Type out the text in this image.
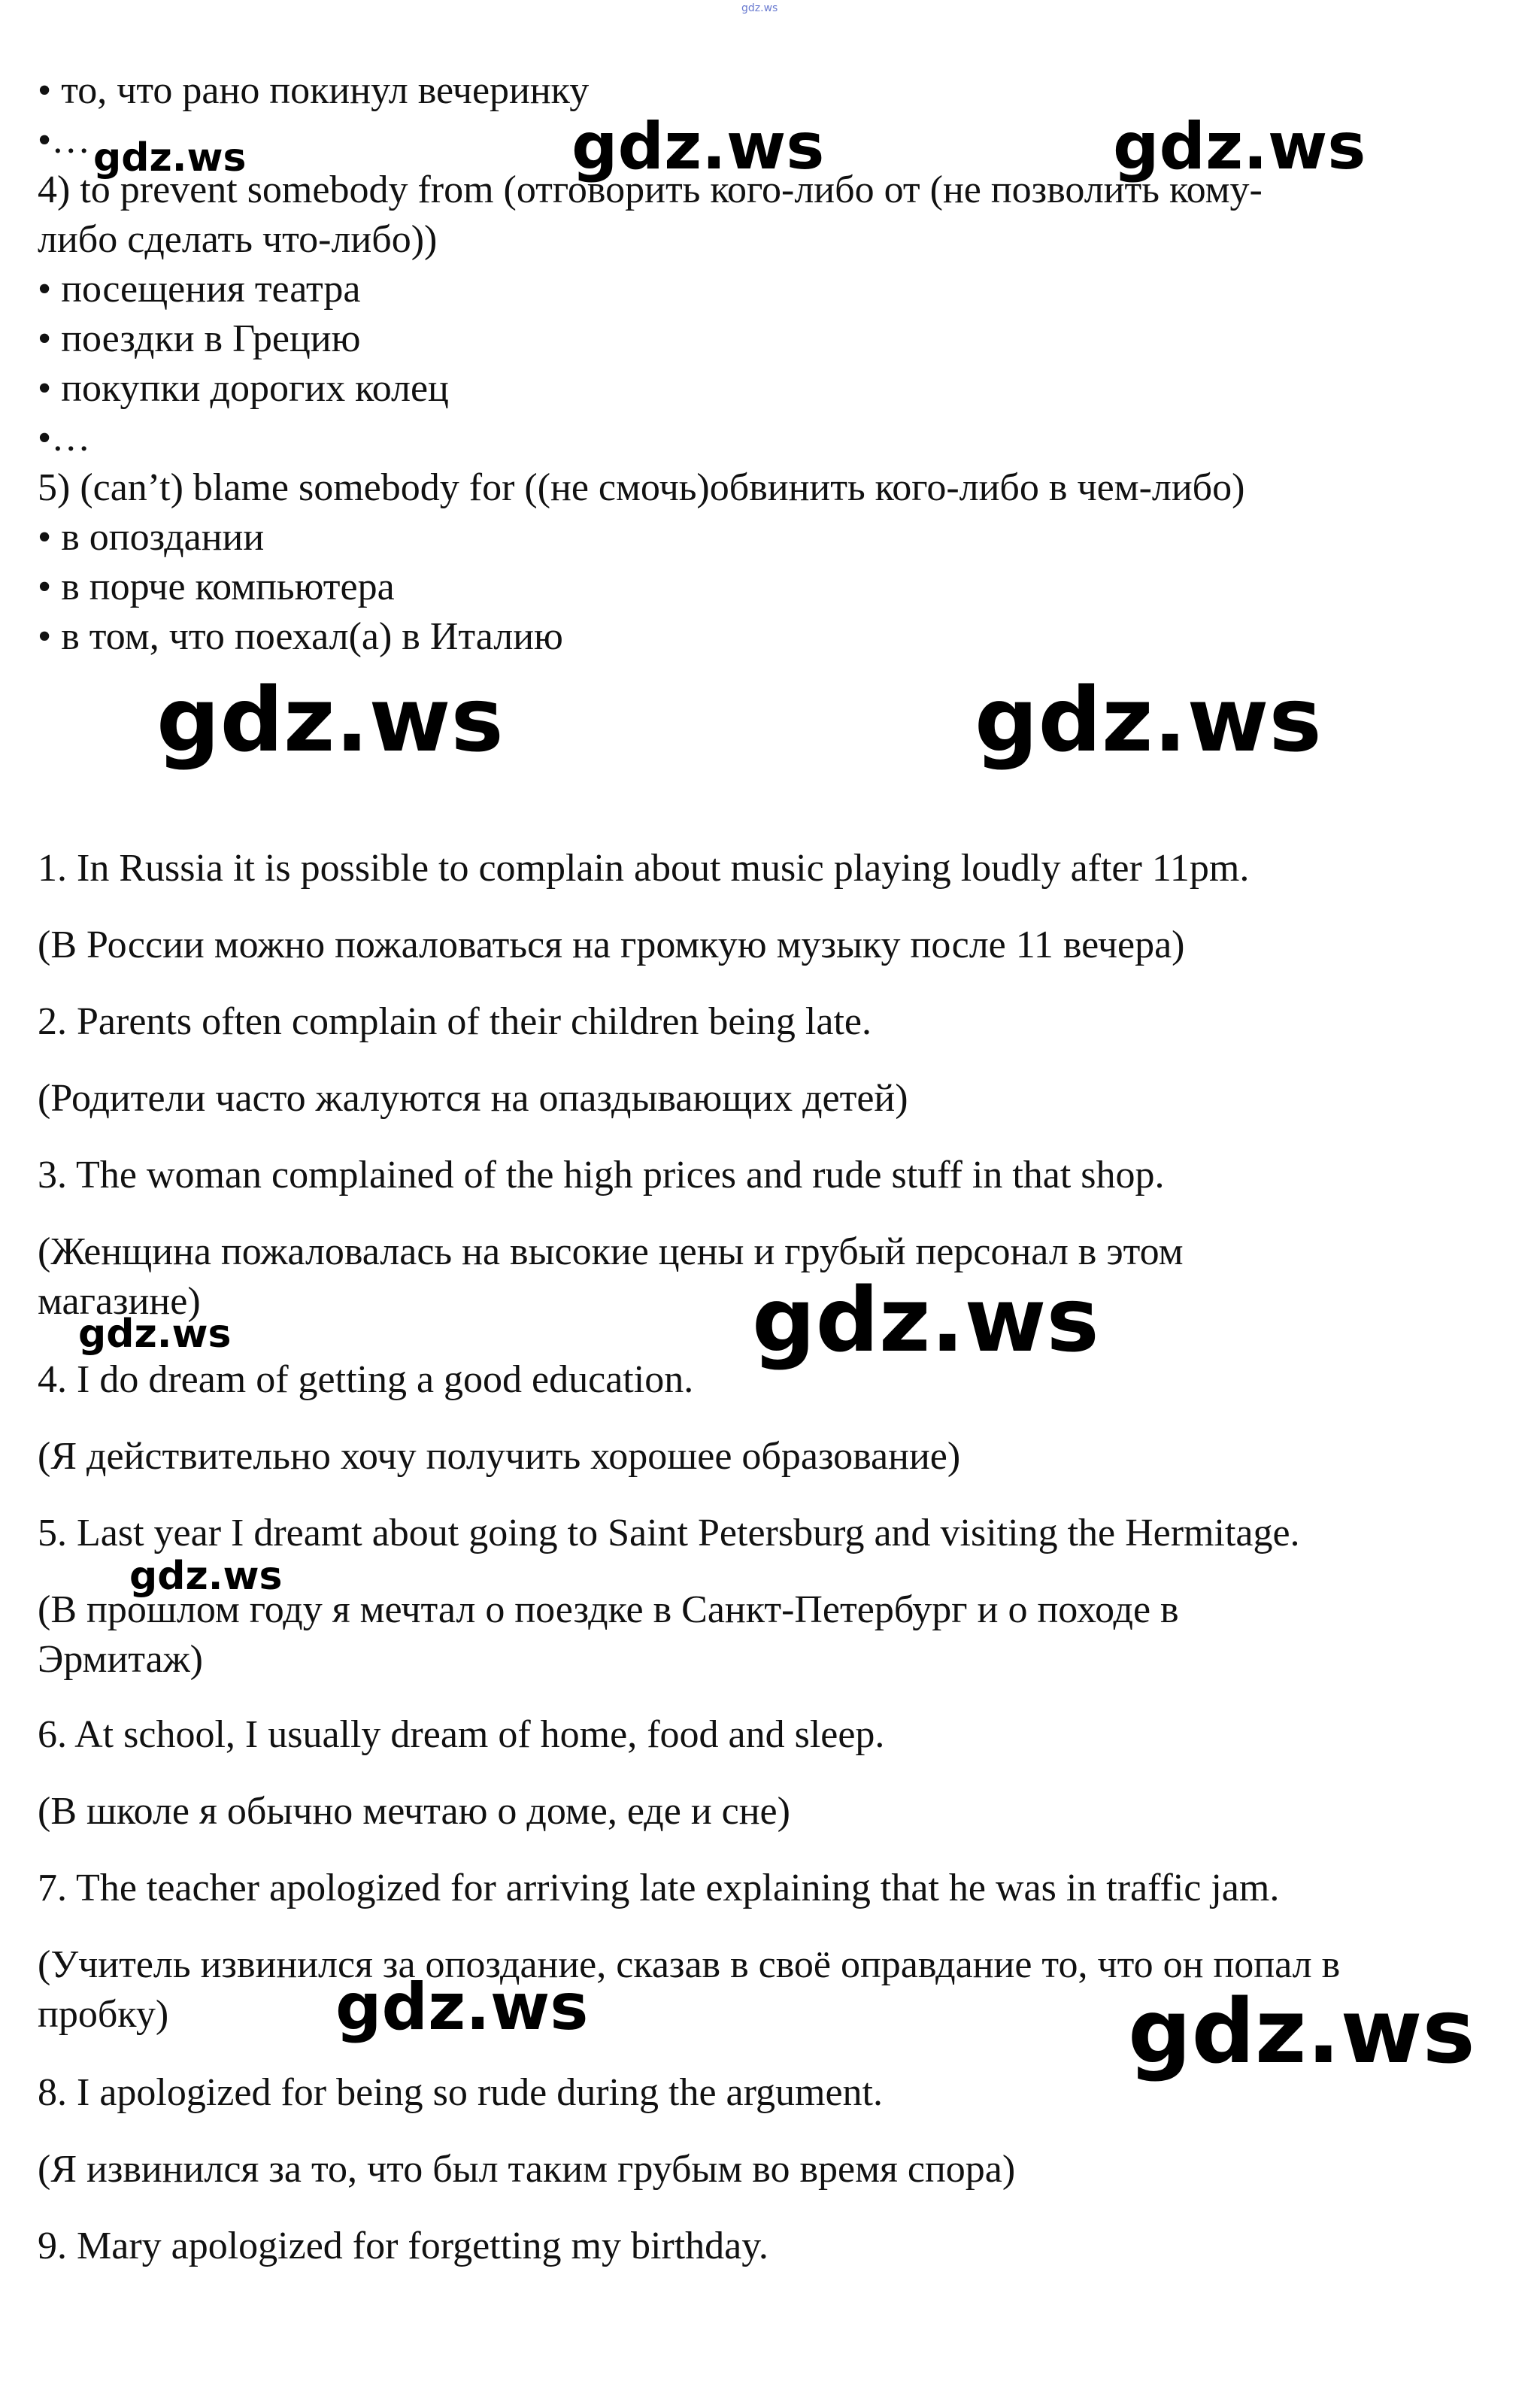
gdz.ws
• то, что рано покинул вечеринку
•…
4) to prevent somebody from (отговорить кого-либо от (не позволить кому-
либо сделать что-либо))
• посещения театра
• поездки в Грецию
• покупки дорогих колец
•…
5) (can’t) blame somebody for ((не смочь)обвинить кого-либо в чем-либо)
• в опоздании
• в порче компьютера
• в том, что поехал(а) в Италию
1. In Russia it is possible to complain about music playing loudly after 11pm.
(В России можно пожаловаться на громкую музыку после 11 вечера)
2. Parents often complain of their children being late.
(Родители часто жалуются на опаздывающих детей)
3. The woman complained of the high prices and rude stuff in that shop.
(Женщина пожаловалась на высокие цены и грубый персонал в этом
магазине)
4. I do dream of getting a good education.
(Я действительно хочу получить хорошее образование)
5. Last year I dreamt about going to Saint Petersburg and visiting the Hermitage.
(В прошлом году я мечтал о поездке в Санкт-Петербург и о походе в
Эрмитаж)
6. At school, I usually dream of home, food and sleep.
(В школе я обычно мечтаю о доме, еде и сне)
7. The teacher apologized for arriving late explaining that he was in traffic jam.
(Учитель извинился за опоздание, сказав в своё оправдание то, что он попал в
пробку)
8. I apologized for being so rude during the argument.
(Я извинился за то, что был таким грубым во время спора)
9. Mary apologized for forgetting my birthday.
gdz.ws	gdz.ws	gdz.ws
gdz.ws	gdz.ws
gdz.ws	gdz.ws
gdz.ws
gdz.ws	gdz.ws
